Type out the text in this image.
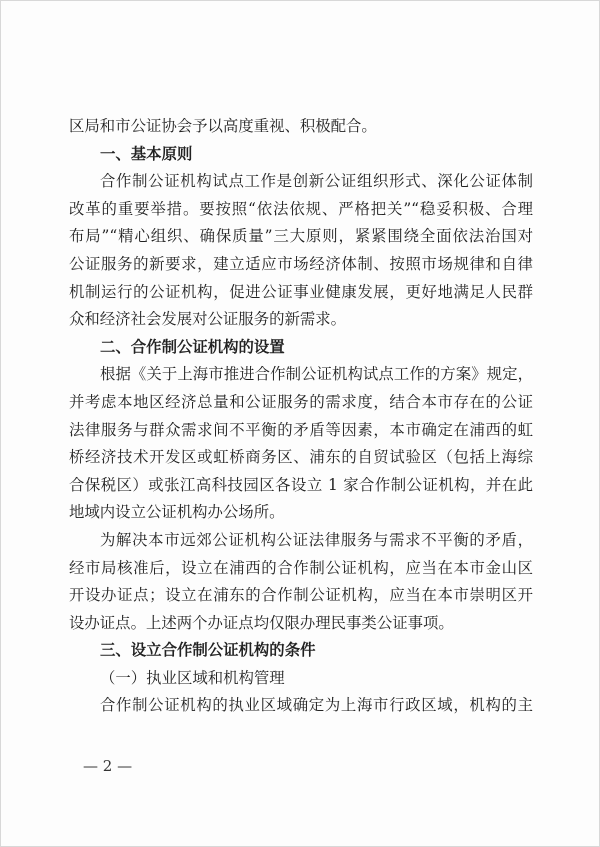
区局和市公证协会予以高度重视、积极配合。
一、基本原则
合作制公证机构试点工作是创新公证组织形式、深化公证体制
改革的重要举措。要按照“依法依规、严格把关”“稳妥积极、合理
布局”“精心组织、确保质量”三大原则，紧紧围绕全面依法治国对
公证服务的新要求，建立适应市场经济体制、按照市场规律和自律
机制运行的公证机构，促进公证事业健康发展，更好地满足人民群
众和经济社会发展对公证服务的新需求。
二、合作制公证机构的设置
根据《关于上海市推进合作制公证机构试点工作的方案》规定，
并考虑本地区经济总量和公证服务的需求度，结合本市存在的公证
法律服务与群众需求间不平衡的矛盾等因素，本市确定在浦西的虹
桥经济技术开发区或虹桥商务区、浦东的自贸试验区（包括上海综
合保税区）或张江高科技园区各设立 1 家合作制公证机构，并在此
地域内设立公证机构办公场所。
为解决本市远郊公证机构公证法律服务与需求不平衡的矛盾，
经市局核准后，设立在浦西的合作制公证机构，应当在本市金山区
开设办证点；设立在浦东的合作制公证机构，应当在本市崇明区开
设办证点。上述两个办证点均仅限办理民事类公证事项。
三、设立合作制公证机构的条件
（一）执业区域和机构管理
合作制公证机构的执业区域确定为上海市行政区域，机构的主
— 2 —
